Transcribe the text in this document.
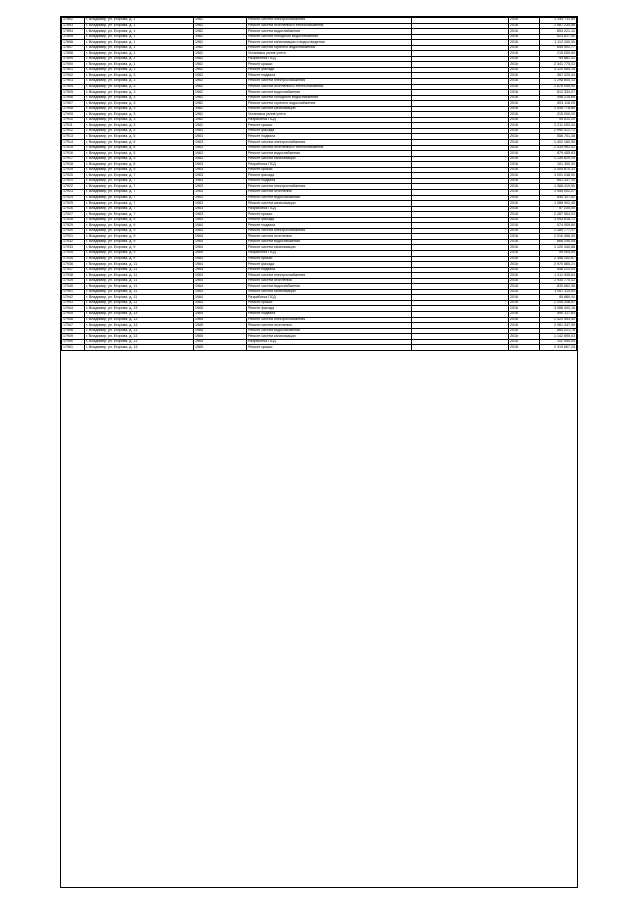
17892	г. Владимир, ул. Егорова, д. 1	1962	Ремонт систем электроснабжения		2016	1 345 711,89
17893	г. Владимир, ул. Егорова, д. 1	1962	Ремонт систем отопления и теплоснабжения		2016	1 987 234,56
17894	г. Владимир, ул. Егорова, д. 1	1962	Ремонт систем водоснабжения		2016	854 221,12
17895	г. Владимир, ул. Егорова, д. 1	1962	Ремонт систем холодного водоснабжения		2016	523 817,40
17896	г. Владимир, ул. Егорова, д. 1	1962	Ремонт систем канализации и водоотведения		2016	1 112 340,00
17897	г. Владимир, ул. Егорова, д. 1	1962	Ремонт систем горячего водоснабжения		2016	645 902,77
17898	г. Владимир, ул. Егорова, д. 1	1962	Установка узлов учета		2016	215 000,00
17899	г. Владимир, ул. Егорова, д. 1	1962	Разработка ПСД		2016	99 881,31
17900	г. Владимир, ул. Егорова, д. 1	1962	Ремонт крыши		2016	2 341 770,02
17901	г. Владимир, ул. Егорова, д. 1	1962	Ремонт фасада		2016	3 120 554,18
17902	г. Владимир, ул. Егорова, д. 3	1962	Ремонт подвала		2016	587 320,44
17903	г. Владимир, ул. Егорова, д. 3	1962	Ремонт систем электроснабжения		2016	1 298 600,13
17904	г. Владимир, ул. Егорова, д. 3	1962	Ремонт систем отопления и теплоснабжения		2016	1 876 045,90
17905	г. Владимир, ул. Егорова, д. 3	1962	Ремонт систем водоснабжения		2016	812 334,07
17906	г. Владимир, ул. Егорова, д. 3	1962	Ремонт систем холодного водоснабжения		2016	498 215,66
17907	г. Владимир, ул. Егорова, д. 3	1962	Ремонт систем горячего водоснабжения		2016	603 118,25
17908	г. Владимир, ул. Егорова, д. 3	1962	Ремонт систем канализации		2016	1 045 778,80
17909	г. Владимир, ул. Егорова, д. 3	1962	Установка узлов учета		2016	215 000,00
17910	г. Владимир, ул. Егорова, д. 3	1962	Разработка ПСД		2016	94 512,20
17911	г. Владимир, ул. Егорова, д. 3	1962	Ремонт крыши		2016	2 211 093,44
17912	г. Владимир, ул. Егорова, д. 5	1963	Ремонт фасада		2016	2 990 412,71
17913	г. Владимир, ул. Егорова, д. 5	1963	Ремонт подвала		2016	556 701,38
17914	г. Владимир, ул. Егорова, д. 5	1963	Ремонт систем электроснабжения		2016	1 402 180,59
17915	г. Владимир, ул. Егорова, д. 5	1963	Ремонт систем отопления и теплоснабжения		2016	2 034 991,02
17916	г. Владимир, ул. Егорова, д. 5	1963	Ремонт систем водоснабжения		2016	879 455,63
17917	г. Владимир, ул. Егорова, д. 5	1963	Ремонт систем канализации		2016	1 134 620,15
17918	г. Владимир, ул. Егорова, д. 5	1963	Разработка ПСД		2016	101 300,00
17919	г. Владимир, ул. Егорова, д. 5	1963	Ремонт крыши		2016	2 405 870,31
17920	г. Владимир, ул. Егорова, д. 7	1963	Ремонт фасада		2016	3 001 248,90
17921	г. Владимир, ул. Егорова, д. 7	1963	Ремонт подвала		2016	601 337,14
17922	г. Владимир, ул. Егорова, д. 7	1963	Ремонт систем электроснабжения		2016	1 366 419,50
17923	г. Владимир, ул. Егорова, д. 7	1963	Ремонт систем отопления		2016	1 955 002,27
17924	г. Владимир, ул. Егорова, д. 7	1963	Ремонт систем водоснабжения		2016	840 117,62
17925	г. Владимир, ул. Егорова, д. 7	1963	Ремонт систем канализации		2016	1 088 902,46
17926	г. Владимир, ул. Егорова, д. 7	1963	Разработка ПСД		2016	97 230,00
17927	г. Владимир, ул. Егорова, д. 7	1963	Ремонт крыши		2016	2 287 554,03
17928	г. Владимир, ул. Егорова, д. 9	1964	Ремонт фасада		2016	3 044 618,72
17929	г. Владимир, ул. Егорова, д. 9	1964	Ремонт подвала		2016	574 909,60
17930	г. Владимир, ул. Егорова, д. 9	1964	Ремонт систем электроснабжения		2016	1 389 777,17
17931	г. Владимир, ул. Егорова, д. 9	1964	Ремонт систем отопления		2016	2 010 456,39
17932	г. Владимир, ул. Егорова, д. 9	1964	Ремонт систем водоснабжения		2016	866 240,05
17933	г. Владимир, ул. Егорова, д. 9	1964	Ремонт систем канализации		2016	1 120 340,88
17934	г. Владимир, ул. Егорова, д. 9	1964	Разработка ПСД		2016	99 004,00
17935	г. Владимир, ул. Егорова, д. 9	1964	Ремонт крыши		2016	2 356 102,67
17936	г. Владимир, ул. Егорова, д. 11	1964	Ремонт фасада		2016	2 970 885,21
17937	г. Владимир, ул. Егорова, д. 11	1964	Ремонт подвала		2016	548 223,09
17938	г. Владимир, ул. Егорова, д. 11	1964	Ремонт систем электроснабжения		2016	1 311 905,64
17939	г. Владимир, ул. Егорова, д. 11	1964	Ремонт систем отопления		2016	1 934 770,12
17940	г. Владимир, ул. Егорова, д. 11	1964	Ремонт систем водоснабжения		2016	830 662,48
17941	г. Владимир, ул. Егорова, д. 11	1964	Ремонт систем канализации		2016	1 067 114,93
17942	г. Владимир, ул. Егорова, д. 11	1964	Разработка ПСД		2016	95 880,00
17943	г. Владимир, ул. Егорова, д. 11	1964	Ремонт крыши		2016	2 244 318,57
17944	г. Владимир, ул. Егорова, д. 13	1965	Ремонт фасада		2016	3 088 402,16
17945	г. Владимир, ул. Егорова, д. 13	1965	Ремонт подвала		2016	590 117,83
17946	г. Владимир, ул. Егорова, д. 13	1965	Ремонт систем электроснабжения		2016	1 422 553,40
17947	г. Владимир, ул. Егорова, д. 13	1965	Ремонт систем отопления		2016	2 061 347,95
17948	г. Владимир, ул. Егорова, д. 13	1965	Ремонт систем водоснабжения		2016	884 021,76
17949	г. Владимир, ул. Егорова, д. 13	1965	Ремонт систем канализации		2016	1 142 890,03
17950	г. Владимир, ул. Егорова, д. 13	1965	Разработка ПСД		2016	102 450,00
17951	г. Владимир, ул. Егорова, д. 13	1965	Ремонт крыши		2016	2 419 667,28
